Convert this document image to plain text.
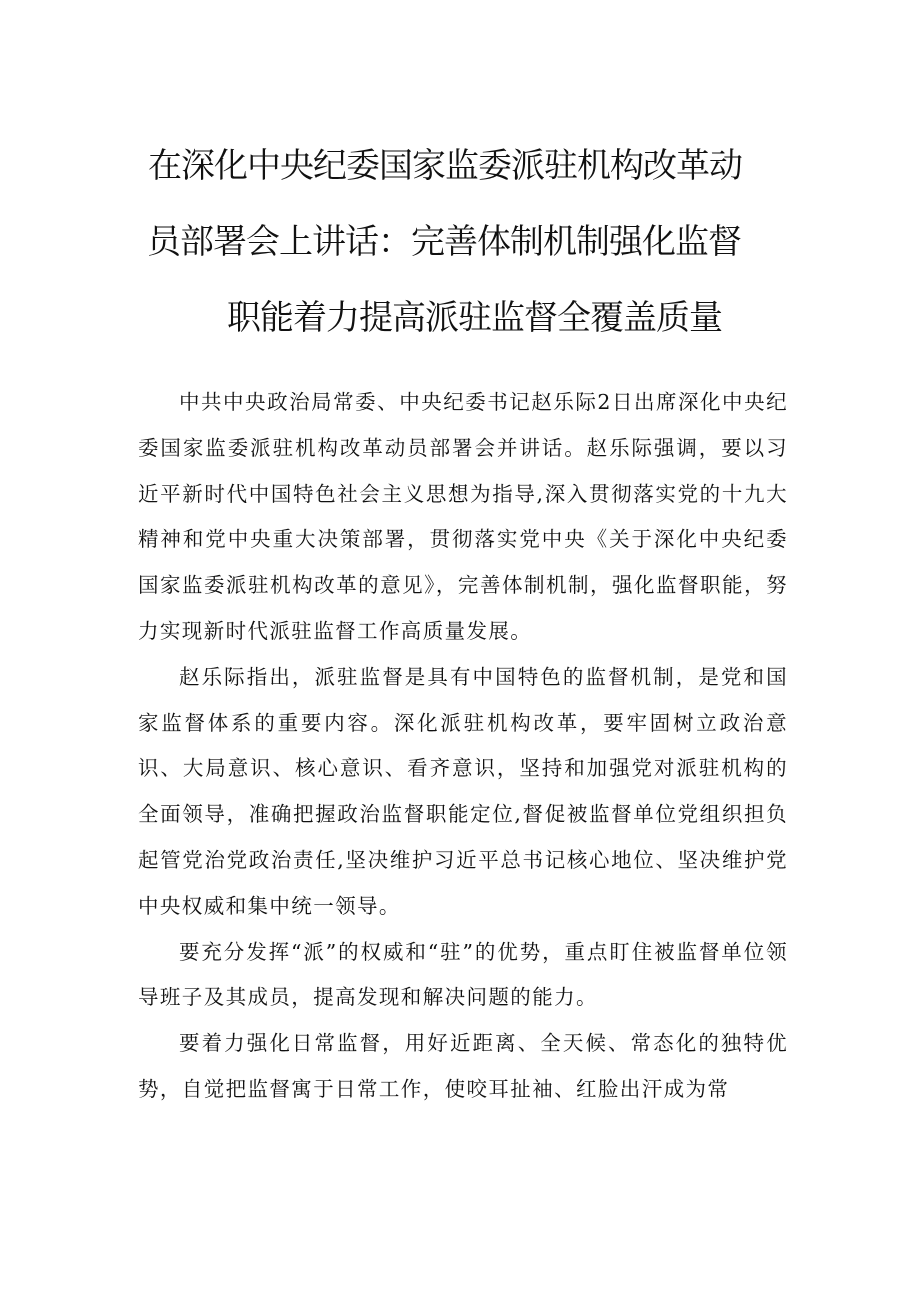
在深化中央纪委国家监委派驻机构改革动
员部署会上讲话：完善体制机制强化监督
职能着力提高派驻监督全覆盖质量

中共中央政治局常委、中央纪委书记赵乐际2日出席深化中央纪委国家监委派驻机构改革动员部署会并讲话。赵乐际强调，要以习近平新时代中国特色社会主义思想为指导,深入贯彻落实党的十九大精神和党中央重大决策部署，贯彻落实党中央《关于深化中央纪委国家监委派驻机构改革的意见》，完善体制机制，强化监督职能，努力实现新时代派驻监督工作高质量发展。

赵乐际指出，派驻监督是具有中国特色的监督机制，是党和国家监督体系的重要内容。深化派驻机构改革，要牢固树立政治意识、大局意识、核心意识、看齐意识，坚持和加强党对派驻机构的全面领导，准确把握政治监督职能定位,督促被监督单位党组织担负起管党治党政治责任,坚决维护习近平总书记核心地位、坚决维护党中央权威和集中统一领导。

要充分发挥“派”的权威和“驻”的优势，重点盯住被监督单位领导班子及其成员，提高发现和解决问题的能力。

要着力强化日常监督，用好近距离、全天候、常态化的独特优势，自觉把监督寓于日常工作，使咬耳扯袖、红脸出汗成为常
